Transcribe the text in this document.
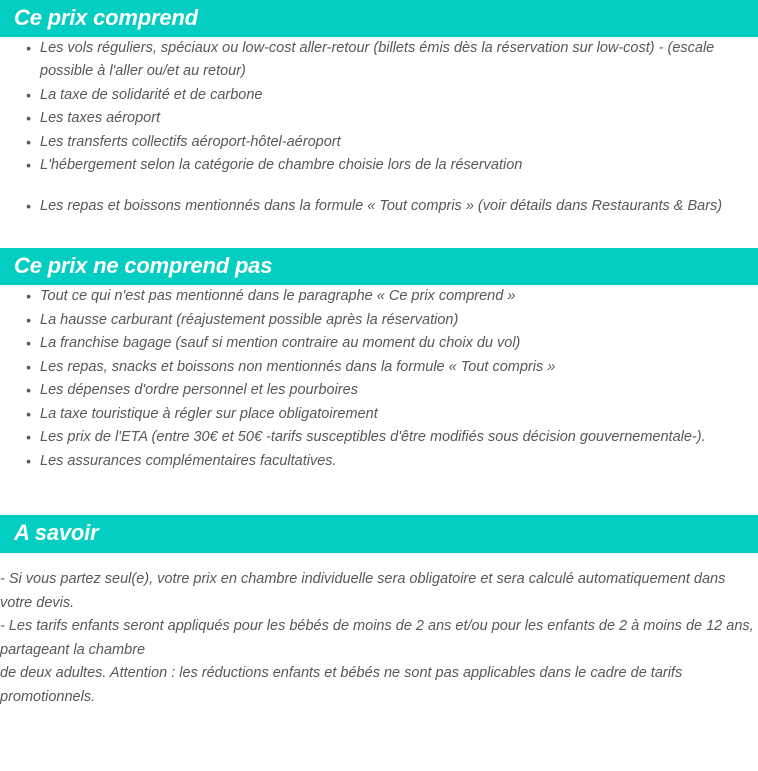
Ce prix comprend
• Les vols réguliers, spéciaux ou low-cost aller-retour (billets émis dès la réservation sur low-cost) - (escale possible à l'aller ou/et au retour)
• La taxe de solidarité et de carbone
• Les taxes aéroport
• Les transferts collectifs aéroport-hôtel-aéroport
• L'hébergement selon la catégorie de chambre choisie lors de la réservation
• Les repas et boissons mentionnés dans la formule « Tout compris » (voir détails dans Restaurants & Bars)
Ce prix ne comprend pas
• Tout ce qui n'est pas mentionné dans le paragraphe « Ce prix comprend »
• La hausse carburant (réajustement possible après la réservation)
• La franchise bagage (sauf si mention contraire au moment du choix du vol)
• Les repas, snacks et boissons non mentionnés dans la formule « Tout compris »
• Les dépenses d'ordre personnel et les pourboires
• La taxe touristique à régler sur place obligatoirement
• Les prix de l'ETA (entre 30€ et 50€ -tarifs susceptibles d'être modifiés sous décision gouvernementale-).
• Les assurances complémentaires facultatives.
A savoir

- Si vous partez seul(e), votre prix en chambre individuelle sera obligatoire et sera calculé automatiquement dans votre devis.

- Les tarifs enfants seront appliqués pour les bébés de moins de 2 ans et/ou pour les enfants de 2 à moins de 12 ans, partageant la chambre

de deux adultes. Attention : les réductions enfants et bébés ne sont pas applicables dans le cadre de tarifs promotionnels.
